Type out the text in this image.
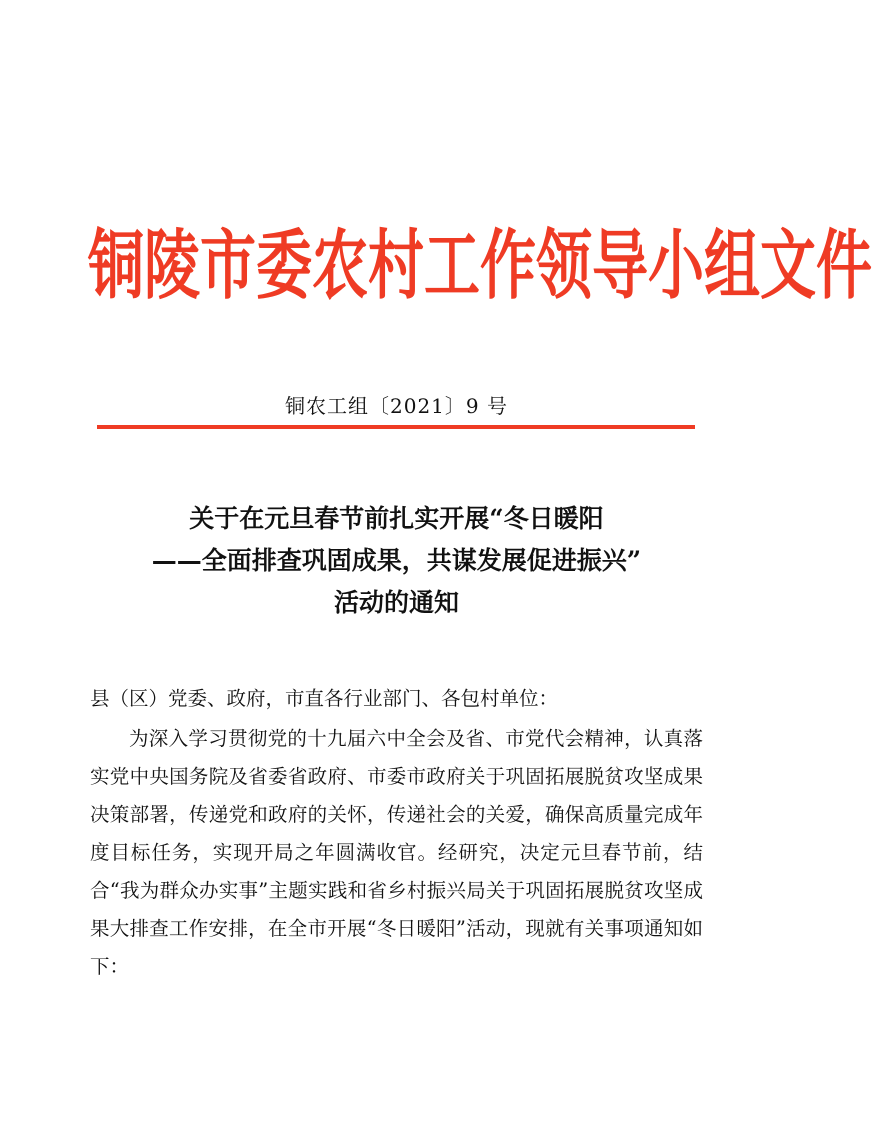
铜陵市委农村工作领导小组文件
铜农工组〔2021〕9 号
关于在元旦春节前扎实开展“冬日暖阳
——全面排查巩固成果，共谋发展促进振兴”
活动的通知
县（区）党委、政府，市直各行业部门、各包村单位：
为深入学习贯彻党的十九届六中全会及省、市党代会精神，认真落实党中央国务院及省委省政府、市委市政府关于巩固拓展脱贫攻坚成果决策部署，传递党和政府的关怀，传递社会的关爱，确保高质量完成年度目标任务，实现开局之年圆满收官。经研究，决定元旦春节前，结合“我为群众办实事”主题实践和省乡村振兴局关于巩固拓展脱贫攻坚成果大排查工作安排，在全市开展“冬日暖阳”活动，现就有关事项通知如下：
